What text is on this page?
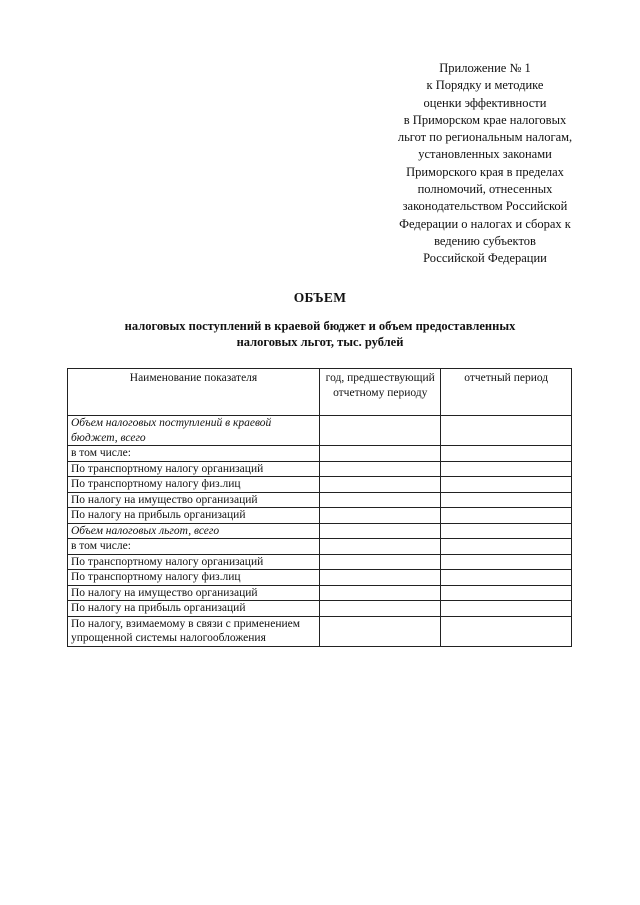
Приложение № 1
к Порядку и методике
оценки эффективности
в Приморском крае налоговых
льгот по региональным налогам,
установленных законами
Приморского края в пределах
полномочий, отнесенных
законодательством Российской
Федерации о налогах и сборах к
ведению субъектов
Российской Федерации
ОБЪЕМ
налоговых поступлений в краевой бюджет и объем предоставленных
налоговых льгот, тыс. рублей
Наименование показателя	год, предшествующий отчетному периоду	отчетный период
Объем налоговых поступлений в краевой бюджет, всего		
в том числе:		
По транспортному налогу организаций		
По транспортному налогу физ.лиц		
По налогу на имущество организаций		
По налогу на прибыль организаций		
Объем налоговых льгот, всего		
в том числе:		
По транспортному налогу организаций		
По транспортному налогу физ.лиц		
По налогу на имущество организаций		
По налогу на прибыль организаций		
По налогу, взимаемому в связи с применением упрощенной системы налогообложения		
